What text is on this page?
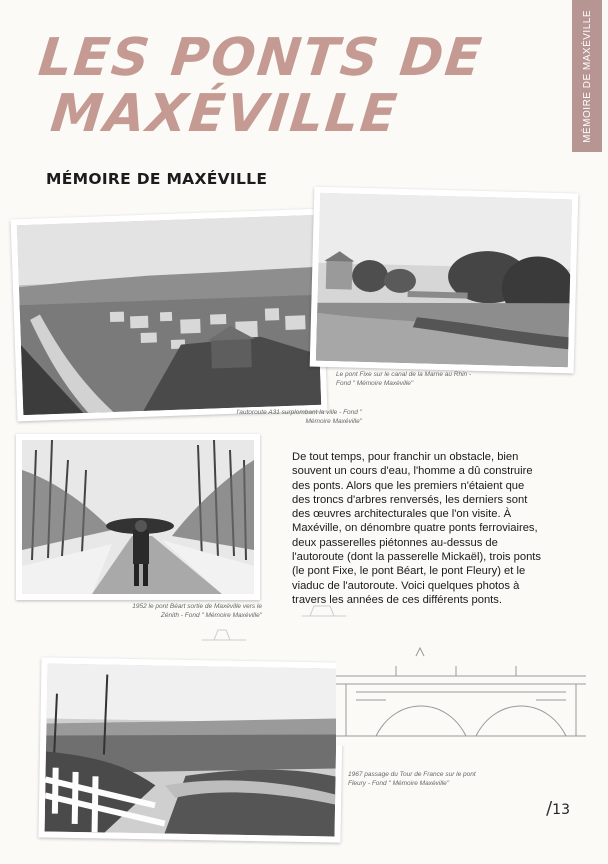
MÉMOIRE DE MAXÉVILLE
LES PONTS DE
MAXÉVILLE
MÉMOIRE DE MAXÉVILLE
l'autoroute A31 surplombant la ville - Fond " Mémoire Maxéville"
Le pont Fixe sur le canal de la Marne au Rhin - Fond " Mémoire Maxéville"
1952 le pont Béart sortie de Maxéville vers le Zénith - Fond " Mémoire Maxéville"
De tout temps, pour franchir un obstacle, bien souvent un cours d'eau, l'homme a dû construire des ponts. Alors que les premiers n'étaient que des troncs d'arbres renversés, les derniers sont des œuvres architecturales que l'on visite. À Maxéville, on dénombre quatre ponts ferroviaires, deux passerelles piétonnes au-dessus de l'autoroute (dont la passerelle Mickaël), trois ponts (le pont Fixe, le pont Béart, le pont Fleury) et le viaduc de l'autoroute. Voici quelques photos à travers les années de ces différents ponts.
1967 passage du Tour de France sur le pont Fleury - Fond " Mémoire Maxéville"
/13
